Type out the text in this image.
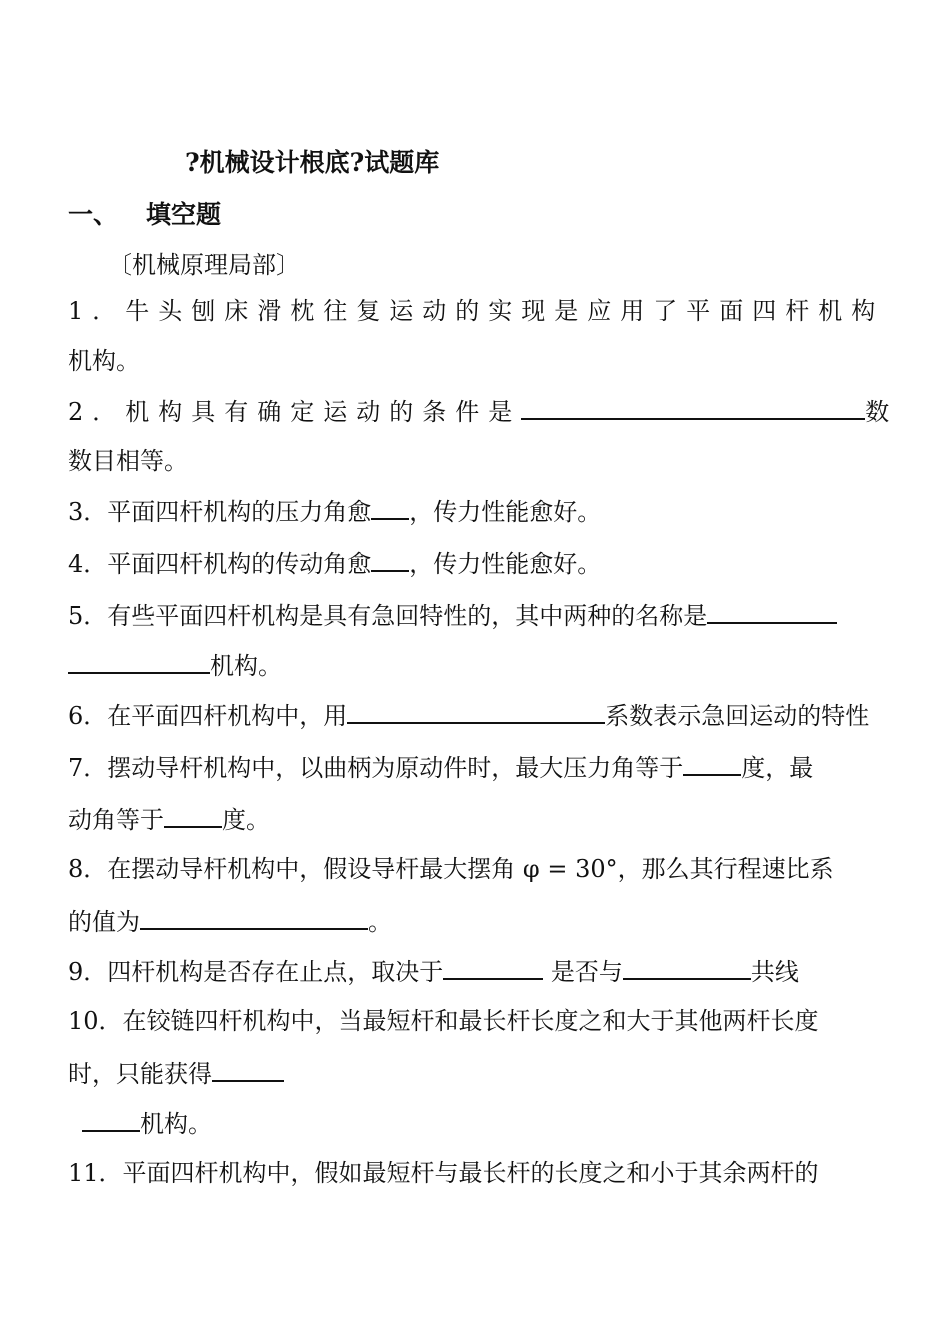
?机械设计根底?试题库
一、 填空题
〔机械原理局部〕
1．牛头刨床滑枕往复运动的实现是应用了平面四杆机构
机构。
2．机构具有确定运动的条件是	数
数目相等。
3．平面四杆机构的压力角愈 ，传力性能愈好。
4．平面四杆机构的传动角愈 ，传力性能愈好。
5．有些平面四杆机构是具有急回特性的，其中两种的名称是
机构。
6．在平面四杆机构中，用	系数表示急回运动的特性
7．摆动导杆机构中，以曲柄为原动件时，最大压力角等于 度，最
动角等于 度。
8．在摆动导杆机构中，假设导杆最大摆角 φ = 30°，那么其行程速比系
的值为	。
9．四杆机构是否存在止点，取决于	是否与	共线
10．在铰链四杆机构中，当最短杆和最长杆长度之和大于其他两杆长度
时，只能获得
机构。
11．平面四杆机构中，假如最短杆与最长杆的长度之和小于其余两杆的
